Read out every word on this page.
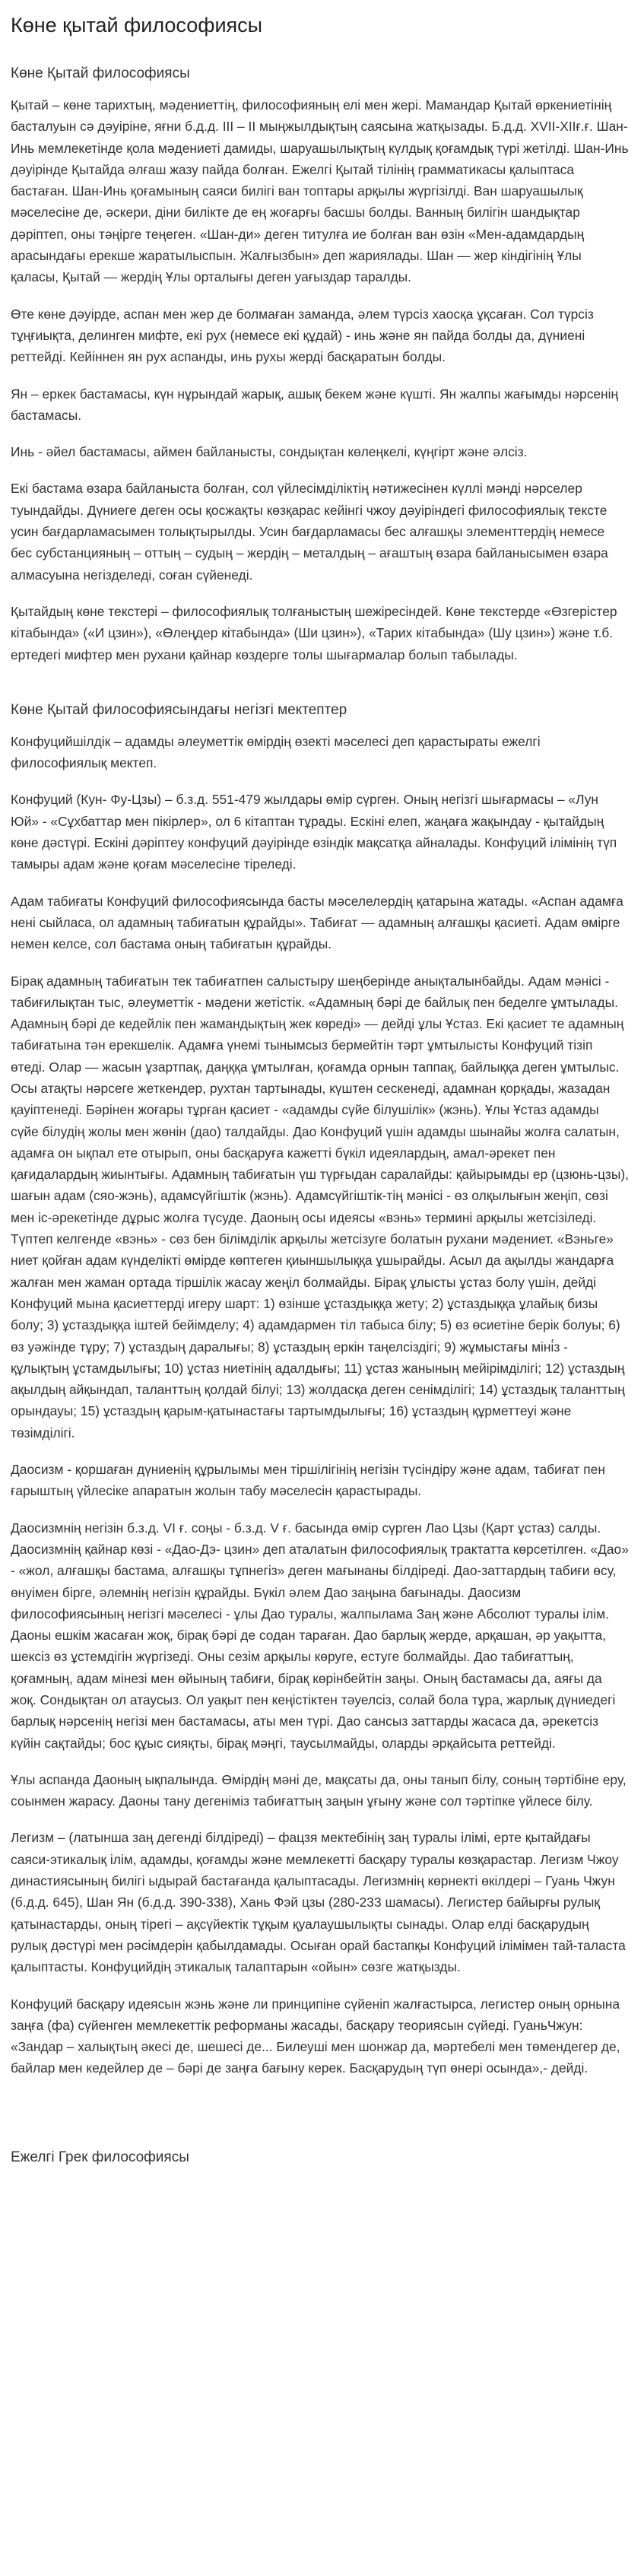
Көне қытай философиясы
Көне Қытай философиясы

Қытай – көне тарихтың, мәдениеттің, философияның елі мен жері. Мамандар Қытай өркениетінің басталуын сә дәуіріне, яғни б.д.д. ІІІ – ІІ мыңжылдықтың саясына жатқызады. Б.д.д. XVII-XIIғ.ғ. Шан-Инь мемлекетінде қола мәдениеті дамиды, шаруашылықтың күлдық қоғамдық түрі жетілді. Шан-Инь дәуірінде Қытайда әлғаш жазу пайда болған. Ежелгі Қытай тілінің грамматикасы қалыптаса бастаған. Шан-Инь қоғамының саяси билігі ван топтары арқылы жүргізілді. Ван шаруашылық мәселесіне де, әскери, діни билікте де ең жоғарғы басшы болды. Ванның билігін шандықтар дәріптеп, оны тәңірге теңеген. «Шан-ди» деген титулға ие болған ван өзін «Мен-адамдардың арасындағы ерекше жаратылыспын. Жалғызбын» деп жариялады. Шан — жер кіндігінің Ұлы қаласы, Қытай — жердің Ұлы орталығы деген уағыздар таралды.

Өте көне дәуірде, аспан мен жер де болмаған заманда, әлем түрсіз хаосқа ұқсаған. Сол түрсіз тұңғиықта, делинген мифте, екі рух (немесе екі құдай) - инь және ян пайда болды да, дүниені реттейді. Кейіннен ян рух аспанды, инь рухы жерді басқаратын болды.

Ян – еркек бастамасы, күн нұрындай жарық, ашық бекем және күшті. Ян жалпы жағымды нәрсенің бастамасы.

Инь - әйел бастамасы, аймен байланысты, сондықтан көлеңкелі, күңгірт және әлсіз.

Екі бастама өзара байланыста болған, сол үйлесімділіктің нәтижесінен күллі мәнді нәрселер туындайды. Дүниеге деген осы қосжақты көзқарас кейінгі чжоу дәуіріндегі философиялық тексте усин бағдарламасымен толықтырылды. Усин бағдарламасы бес алғашқы элементтердің немесе бес субстанцияның – оттың – судың – жердің – металдың – ағаштың өзара байланысымен өзара алмасуына негізделеді, соған сүйенеді.

Қытайдың көне текстері – философиялық толғаныстың шежіресіндей. Көне текстерде «Өзгерістер кітабында» («И цзин»), «Өлеңдер кітабында» (Ши цзин»), «Тарих кітабында» (Шу цзин») және т.б. ертедегі мифтер мен рухани қайнар көздерге толы шығармалар болып табылады.

Көне Қытай философиясындағы негізгі мектептер

Конфуцийшілдік – адамды әлеуметтік өмірдің өзекті мәселесі деп қарастыраты ежелгі философиялық мектеп.

Конфуций (Кун- Фу-Цзы) – б.з.д. 551-479 жылдары өмір сүрген. Оның негізгі шығармасы – «Лун Юй» - «Сұхбаттар мен пікірлер», ол 6 кітаптан тұрады. Ескіні елеп, жаңаға жақындау - қытайдың көне дәстүрі. Ескіні дәріптеу конфуций дәуірінде өзіндік мақсатқа айналады. Конфуций ілімінің түп тамыры адам және қоғам мәселесіне тіреледі.

Адам табиғаты Конфуций философиясында басты мәселелердің қатарына жатады. «Аспан адамға нені сыйласа, ол адамның табиғатын құрайды». Табиғат — адамның алғашқы қасиеті. Адам өмірге немен келсе, сол бастама оның табиғатын құрайды.

Бірақ адамның табиғатын тек табиғатпен салыстыру шеңберінде анықталынбайды. Адам мәнісі - табиғилықтан тыс, әлеуметтік - мәдени жетістік. «Адамның бәрі де байлық пен беделге ұмтылады. Адамның бәрі де кедейлік пен жамандықтың жек көреді» — дейді ұлы Ұстаз. Екі қасиет те адамның табиғатына тән ерекшелік. Адамға үнемі тынымсыз бермейтін тәрт ұмтылысты Конфуций тізіп өтеді. Олар — жасын ұзартпақ, даңққа ұмтылған, қоғамда орнын таппақ, байлыққа деген ұмтылыс. Осы атақты нәрсеге жеткендер, рухтан тартынады, күштен сескенеді, адамнан қорқады, жазадан қауіптенеді. Бәрінен жоғары тұрған қасиет - «адамды сүйе білушілік» (жэнь). Ұлы Ұстаз адамды сүйе білудің жолы мен жөнін (дао) талдайды. Дао Конфуций үшін адамды шынайы жолға салатын, адамға он ықпал ете отырып, оны басқаруға кажетті бүкіл идеялардың, амал-әрекет пен қағидалардың жиынтығы. Адамның табиғатын үш түрғыдан саралайды: қайырымды ер (цзюнь-цзы), шағын адам (сяо-жэнь), адамсүйгіштік (жэнь). Адамсүйгіштік-тің мәнісі - өз олқылығын жеңіп, сөзі мен іс-әрекетінде дұрыс жолға түсуде. Даоның осы идеясы «вэнь» термині арқылы жетсізіледі. Түптеп келгенде «вэнь» - сөз бен білімділік арқылы жетсізуге болатын рухани мәдениет. «Вэньге» ниет қойған адам күнделікті өмірде көптеген қиыншылыққа ұшырайды. Асыл да ақылды жандарға жалған мен жаман ортада тіршілік жасау жеңіл болмайды. Бірақ ұлысты ұстаз болу үшін, дейді Конфуций мына қасиеттерді игеру шарт: 1) өзінше ұстаздыққа жету; 2) ұстаздыққа ұлайық бизы болу; 3) ұстаздыққа іштей бейімделу; 4) адамдармен тіл табыса білу; 5) өз өсиетіне берік болуы; 6) өз уәжінде тұру; 7) ұстаздың даралығы; 8) ұстаздың еркін таңелсіздігі; 9) жұмыстағы міні́з - құлықтың ұстамдылығы; 10) ұстаз ниетінің адалдығы; 11) ұстаз жанының мейірімділігі; 12) ұстаздың ақылдың айқындап, таланттың қолдай білуі; 13) жолдасқа деген сенімділігі; 14) ұстаздық таланттың орындауы; 15) ұстаздың қарым-қатынастағы тартымдылығы; 16) ұстаздың құрметтеуі және төзімділігі.

Даосизм - қоршаған дүниенің құрылымы мен тіршілігінің негізін түсіндіру және адам, табиғат пен ғарыштың үйлесіке апаратын жолын табу мәселесін қарастырады.

Даосизмнің негізін б.з.д. VI ғ. соңы - б.з.д. V ғ. басында өмір сүрген Лао Цзы (Қарт ұстаз) салды. Даосизмнің қайнар көзі - «Дао-Дэ- цзин» деп аталатын философиялық трактатта көрсетілген. «Дао» - «жол, алғашқы бастама, алғашқы тұпнегіз» деген мағынаны білдіреді. Дао-заттардың табиғи өсу, өнуімен бірге, әлемнің негізін құрайды. Бүкіл әлем Дао заңына бағынады. Даосизм философиясының негізгі мәселесі - ұлы Дао туралы, жалпылама Заң және Абсолют туралы ілім. Даоны ешкім жасаған жоқ, бірақ бәрі де содан тараған. Дао барлық жерде, арқашан, әр уақытта, шексіз өз ұстемдігін жүргізеді. Оны сезім арқылы көруге, естуге болмайды. Дао табиғаттың, қоғамның, адам мінезі мен өйының табиғи, бірақ көрінбейтін заңы. Оның бастамасы да, аяғы да жоқ. Сондықтан ол атаусыз. Ол уақыт пен кеңістіктен тәуелсіз, солай бола тұра, жарлық дүниедегі барлық нәрсенің негізі мен бастамасы, аты мен түрі. Дао сансыз заттарды жасаса да, әрекетсіз күйін сақтайды; бос құыс сияқты, бірақ мәңгі, таусылмайды, оларды әрқайсыта реттейді.

Ұлы аспанда Даоның ықпалында. Өмірдің мәні де, мақсаты да, оны танып білу, соның тәртібіне еру, соынмен жарасу. Даоны тану дегеніміз табиғаттың заңын ұғыну және сол тәртіпке үйлесе білу.

Легизм – (латынша заң дегенді білдіреді) – фацзя мектебінің заң туралы ілімі, ерте қытайдағы саяси-этикалық ілім, адамды, қоғамды және мемлекетті басқару туралы көзқарастар. Легизм Чжоу династиясының билігі ыдырай бастағанда қалыптасады. Легизмнің көрнекті өкілдері – Гуань Чжун (б.д.д. 645), Шан Ян (б.д.д. 390-338), Хань Фэй цзы (280-233 шамасы). Легистер байырғы рулық қатынастарды, оның тірегі – ақсүйектік тұқым қуалаушылықты сынады. Олар елді басқарудың рулық дәстүрі мен рәсімдерін қабылдамады. Осыған орай бастапқы Конфуций ілімімен тай-таласта қалыптасты. Конфуцийдің этикалық талаптарын «ойын» сөзге жатқызды.

Конфуций басқару идеясын жэнь және ли принципіне сүйеніп жалғастырса, легистер оның орнына заңға (фа) сүйенген мемлекеттік реформаны жасады, басқару теориясын сүйеді. ГуаньЧжун: «Зандар – халықтың әкесі де, шешесі де... Билеуші мен шонжар да, мәртебелі мен төмендегер де, байлар мен кедейлер де – бәрі де заңға бағыну керек. Басқарудың түп өнері осында»,- дейді.

Ежелгі Грек философиясы
